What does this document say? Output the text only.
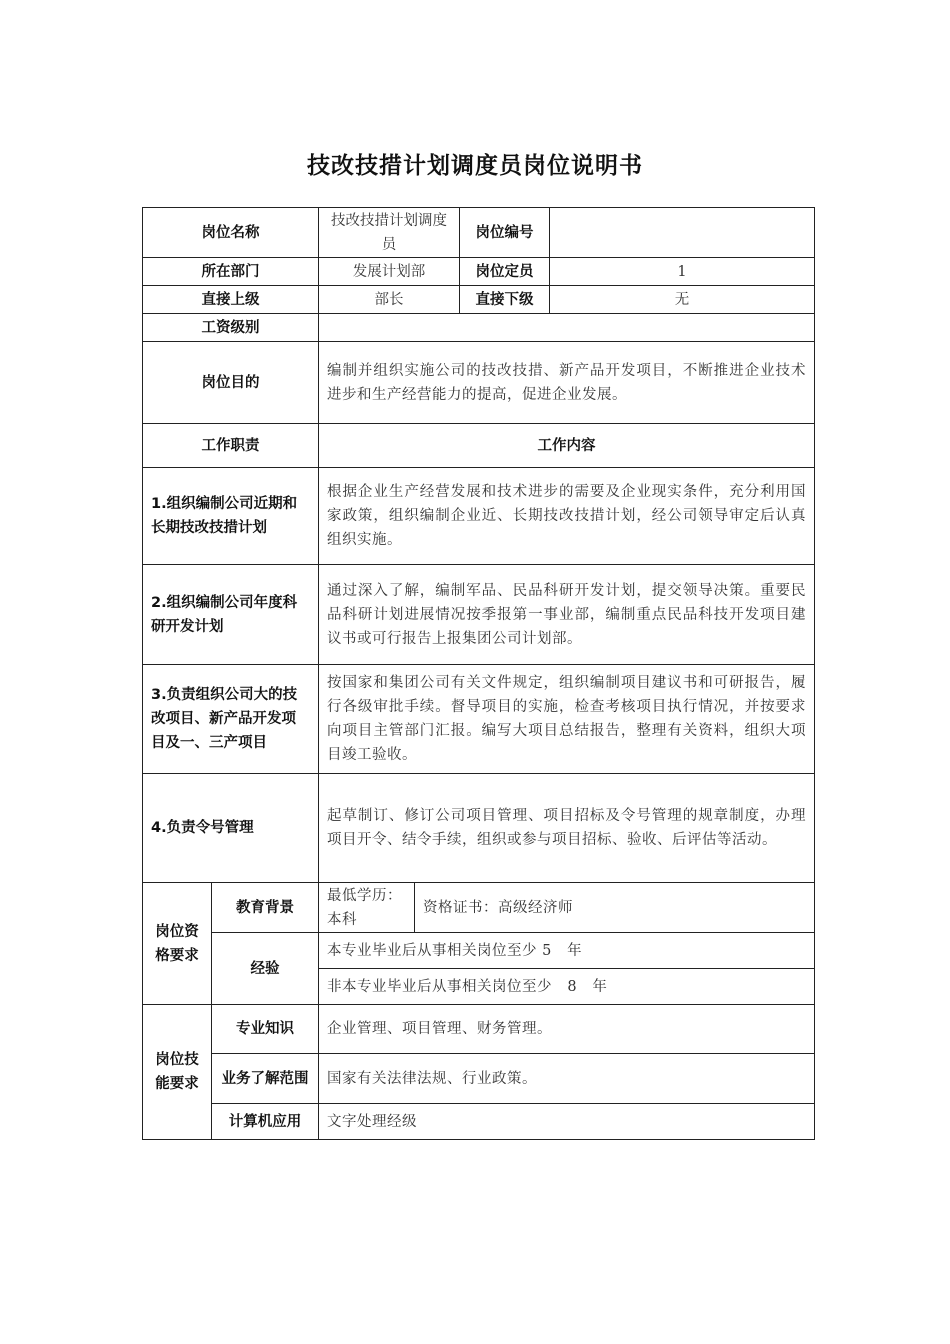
技改技措计划调度员岗位说明书
岗位名称		技改技措计划调度员		岗位编号	
所在部门		发展计划部		岗位定员	1
直接上级		部长		直接下级	无
工资级别					
岗位目的		编制并组织实施公司的技改技措、新产品开发项目，不断推进企业技术进步和生产经营能力的提高，促进企业发展。			
工作职责		工作内容			
1.组织编制公司近期和长期技改技措计划		根据企业生产经营发展和技术进步的需要及企业现实条件，充分利用国家政策，组织编制企业近、长期技改技措计划，经公司领导审定后认真组织实施。			
2.组织编制公司年度科研开发计划		通过深入了解，编制军品、民品科研开发计划，提交领导决策。重要民品科研计划进展情况按季报第一事业部，编制重点民品科技开发项目建议书或可行报告上报集团公司计划部。			
3.负责组织公司大的技改项目、新产品开发项目及一、三产项目		按国家和集团公司有关文件规定，组织编制项目建议书和可研报告，履行各级审批手续。督导项目的实施，检查考核项目执行情况，并按要求向项目主管部门汇报。编写大项目总结报告，整理有关资料，组织大项目竣工验收。			
4.负责令号管理		起草制订、修订公司项目管理、项目招标及令号管理的规章制度，办理项目开令、结令手续，组织或参与项目招标、验收、后评估等活动。			
岗位资格要求	教育背景	最低学历：本科	资格证书：高级经济师		
	经验	本专业毕业后从事相关岗位至少 5   年			
		非本专业毕业后从事相关岗位至少   8   年			
岗位技能要求	专业知识	企业管理、项目管理、财务管理。			
	业务了解范围	国家有关法律法规、行业政策。			
	计算机应用	文字处理经级			
